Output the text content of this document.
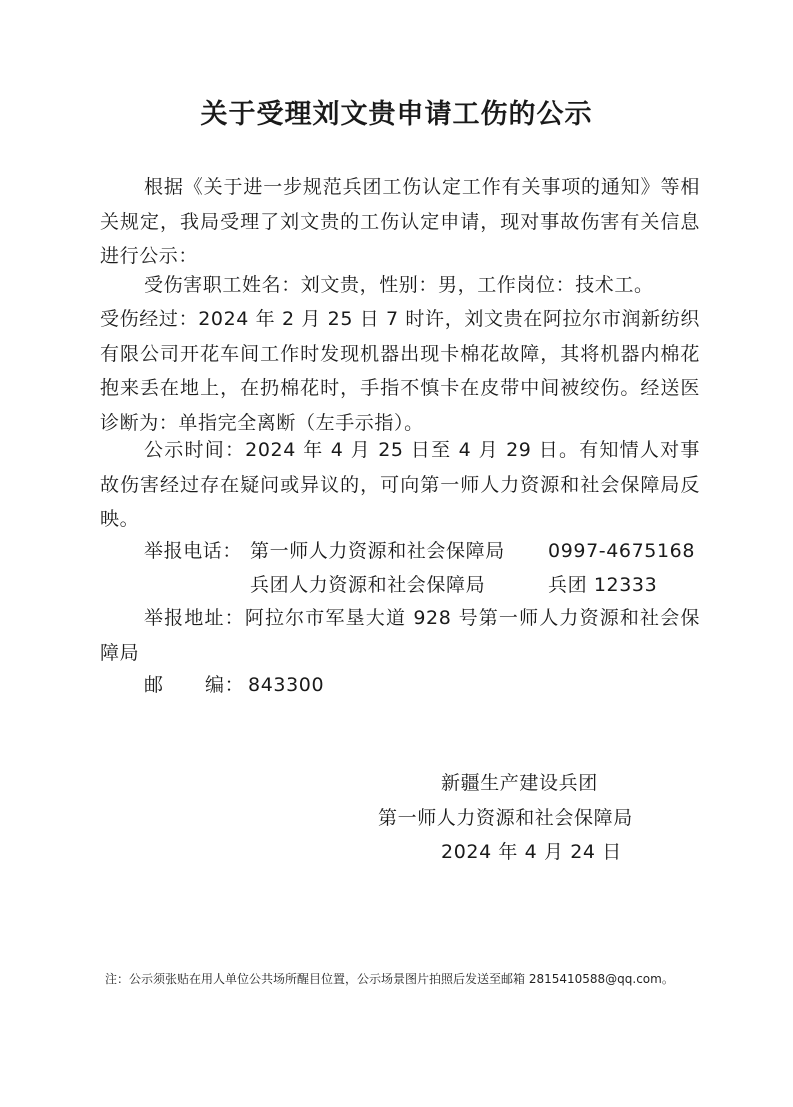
关于受理刘文贵申请工伤的公示

根据《关于进一步规范兵团工伤认定工作有关事项的通知》等相关规定，我局受理了刘文贵的工伤认定申请，现对事故伤害有关信息进行公示：

受伤害职工姓名：刘文贵，性别：男，工作岗位：技术工。

受伤经过：2024 年 2 月 25 日 7 时许，刘文贵在阿拉尔市润新纺织有限公司开花车间工作时发现机器出现卡棉花故障，其将机器内棉花抱来丢在地上，在扔棉花时，手指不慎卡在皮带中间被绞伤。经送医诊断为：单指完全离断（左手示指）。

公示时间：2024 年 4 月 25 日至 4 月 29 日。有知情人对事故伤害经过存在疑问或异议的，可向第一师人力资源和社会保障局反映。

举报电话： 第一师人力资源和社会保障局 0997-4675168
兵团人力资源和社会保障局	兵团 12333

举报地址：阿拉尔市军垦大道 928 号第一师人力资源和社会保障局

邮 编： 843300
新疆生产建设兵团
第一师人力资源和社会保障局
2024 年 4 月 24 日
注：公示须张贴在用人单位公共场所醒目位置，公示场景图片拍照后发送至邮箱 2815410588@qq.com。
